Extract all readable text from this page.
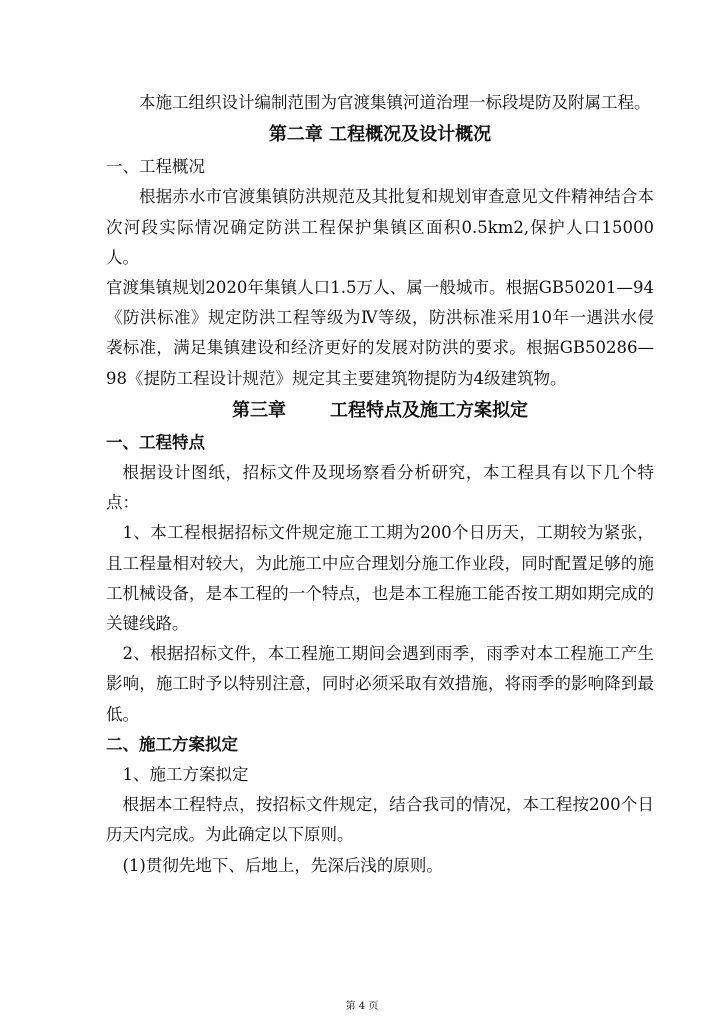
本施工组织设计编制范围为官渡集镇河道治理一标段堤防及附属工程。

第二章 工程概况及设计概况

一、工程概况

根据赤水市官渡集镇防洪规范及其批复和规划审查意见文件精神结合本次河段实际情况确定防洪工程保护集镇区面积0.5km2,保护人口15000人。

官渡集镇规划2020年集镇人口1.5万人、属一般城市。根据GB50201—94《防洪标准》规定防洪工程等级为Ⅳ等级，防洪标准采用10年一遇洪水侵袭标准，满足集镇建设和经济更好的发展对防洪的要求。根据GB50286—98《提防工程设计规范》规定其主要建筑物提防为4级建筑物。

第三章 工程特点及施工方案拟定

一、工程特点

根据设计图纸，招标文件及现场察看分析研究，本工程具有以下几个特点：

1、本工程根据招标文件规定施工工期为200个日历天，工期较为紧张，且工程量相对较大，为此施工中应合理划分施工作业段，同时配置足够的施工机械设备，是本工程的一个特点，也是本工程施工能否按工期如期完成的关键线路。

2、根据招标文件，本工程施工期间会遇到雨季，雨季对本工程施工产生影响，施工时予以特别注意，同时必须采取有效措施，将雨季的影响降到最低。

二、施工方案拟定

1、施工方案拟定

根据本工程特点，按招标文件规定，结合我司的情况，本工程按200个日历天内完成。为此确定以下原则。

(1)贯彻先地下、后地上，先深后浅的原则。

第 4 页
